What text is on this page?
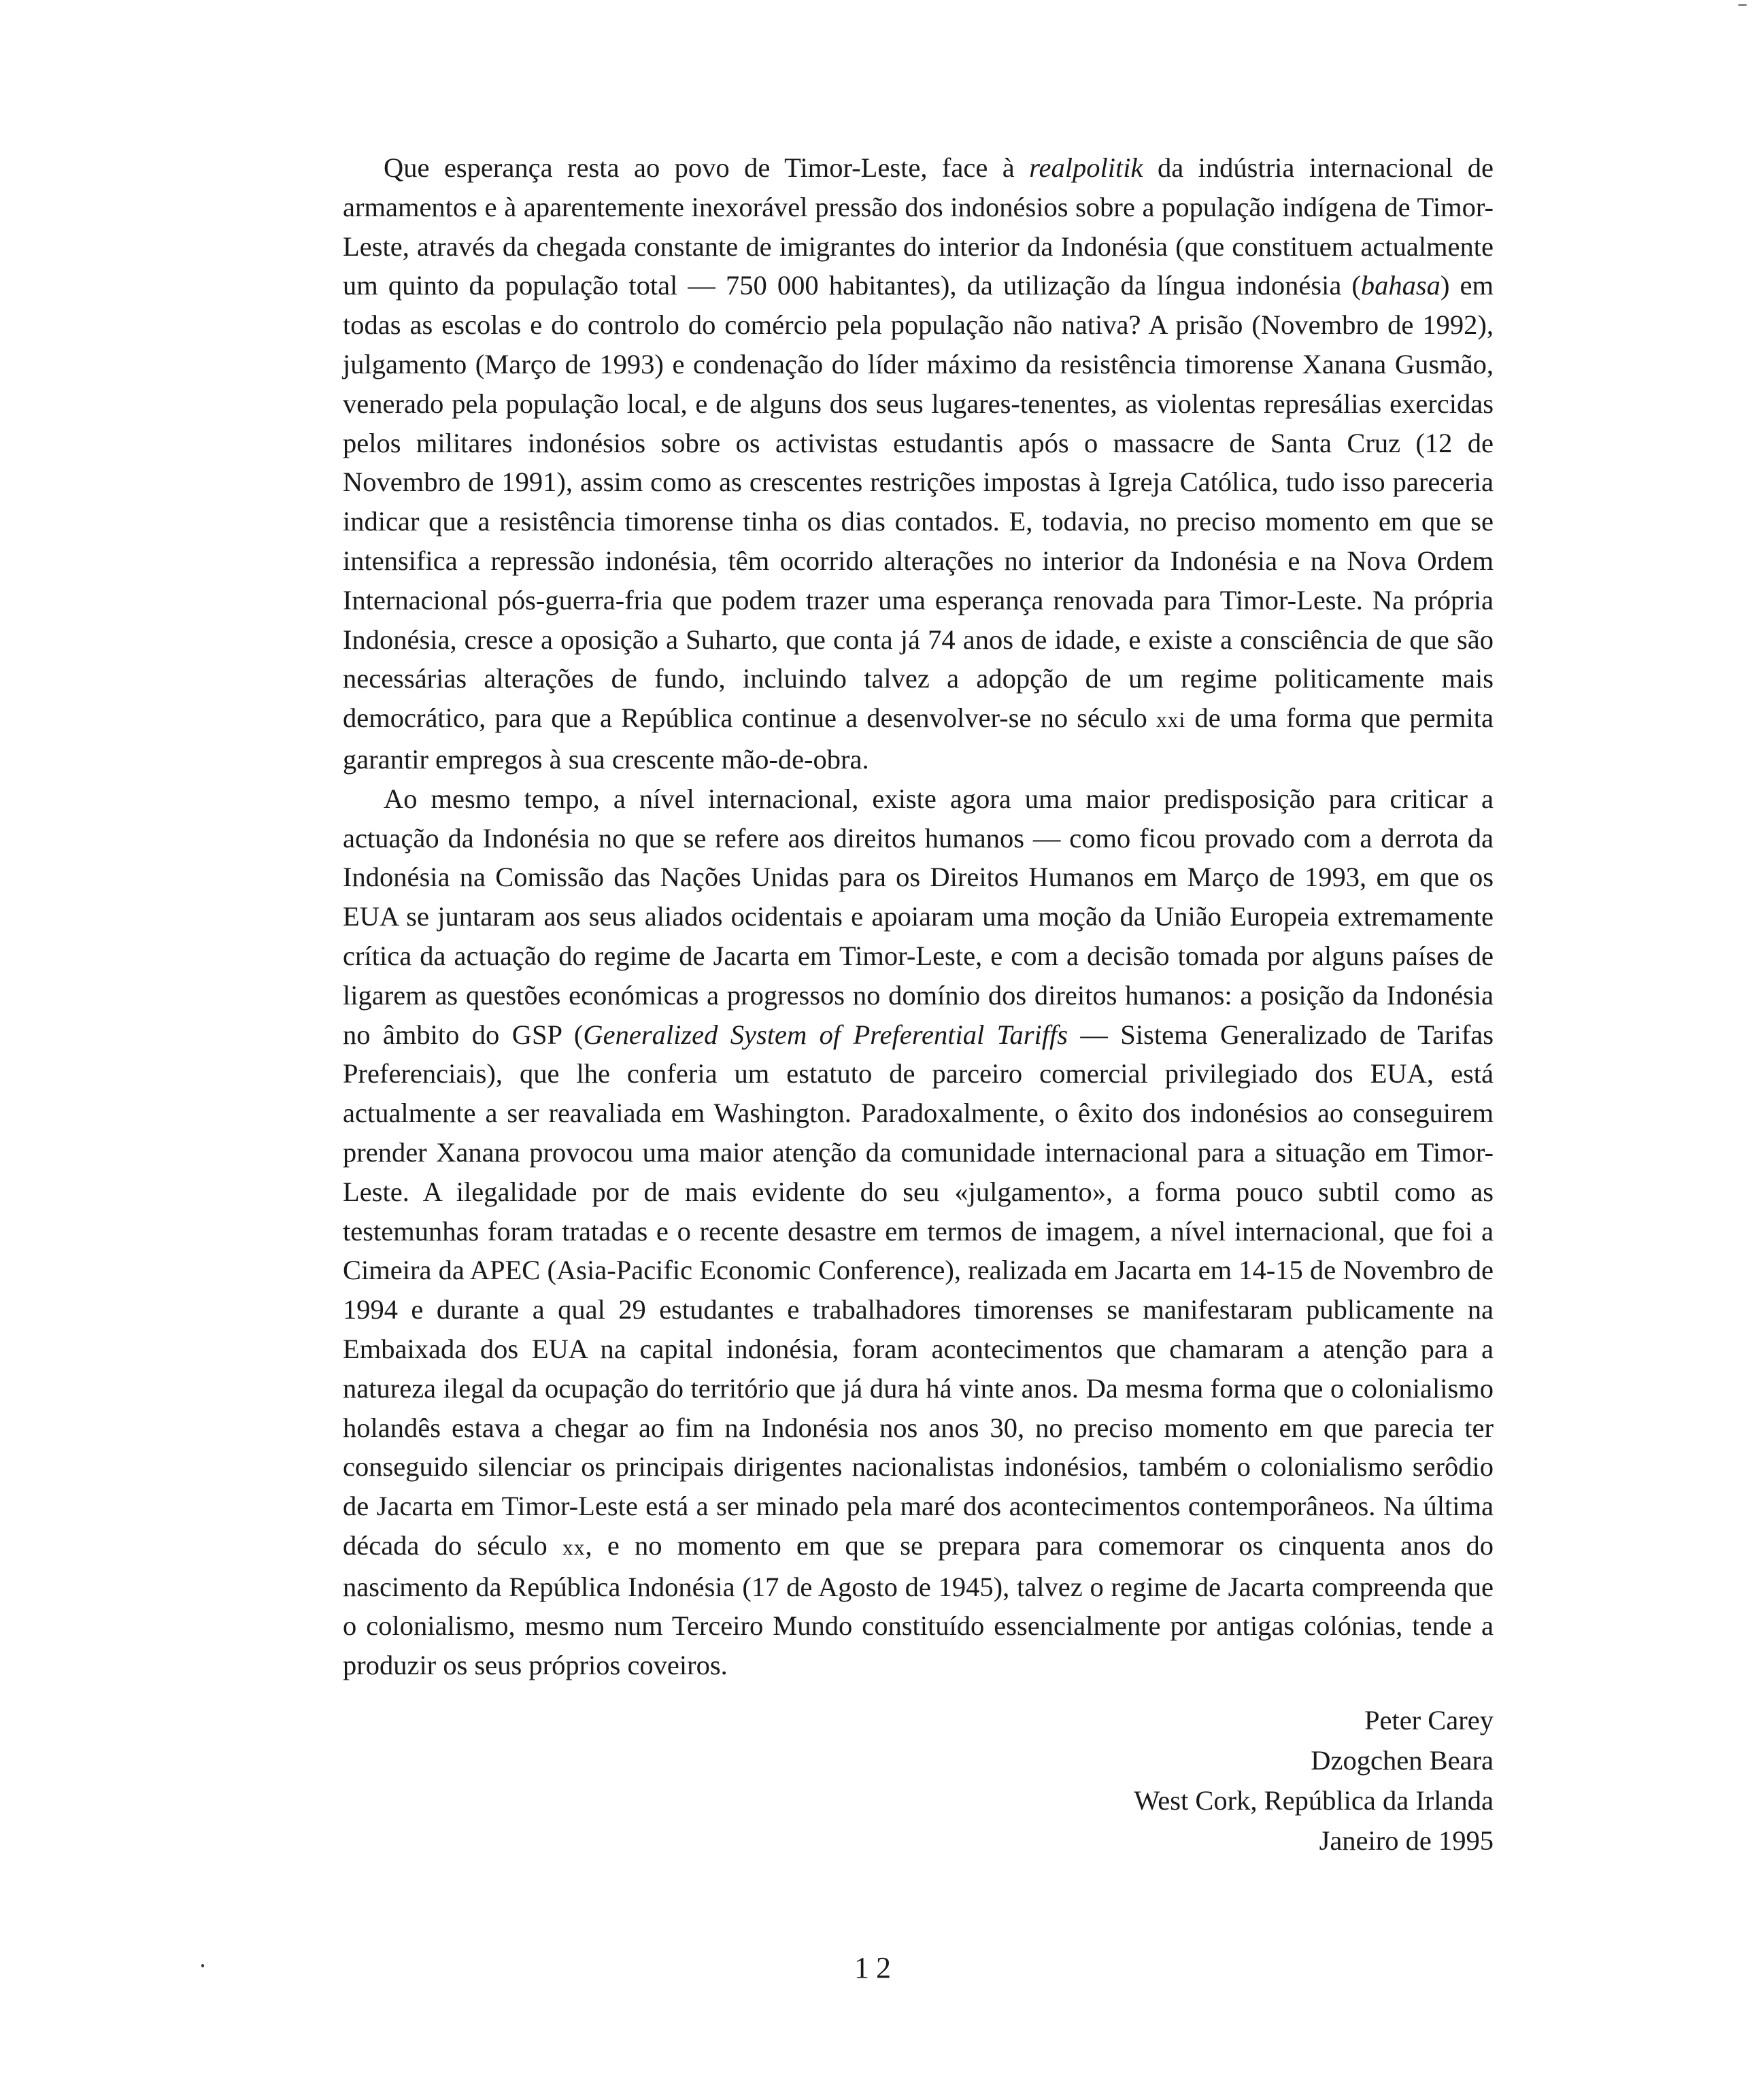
Que esperança resta ao povo de Timor-Leste, face à realpolitik da indústria internacional de armamentos e à aparentemente inexorável pressão dos indonésios sobre a população indígena de Timor-Leste, através da chegada constante de imigrantes do interior da Indonésia (que constituem actualmente um quinto da população total — 750 000 habitantes), da utilização da língua indonésia (bahasa) em todas as escolas e do controlo do comércio pela população não nativa? A prisão (Novembro de 1992), julgamento (Março de 1993) e condenação do líder máximo da resistência timorense Xanana Gusmão, venerado pela população local, e de alguns dos seus lugares-tenentes, as violentas represálias exercidas pelos militares indonésios sobre os activistas estudantis após o massacre de Santa Cruz (12 de Novembro de 1991), assim como as crescentes restrições impostas à Igreja Católica, tudo isso pareceria indicar que a resistência timorense tinha os dias contados. E, todavia, no preciso momento em que se intensifica a repressão indonésia, têm ocorrido alterações no interior da Indonésia e na Nova Ordem Internacional pós-guerra-fria que podem trazer uma esperança renovada para Timor-Leste. Na própria Indonésia, cresce a oposição a Suharto, que conta já 74 anos de idade, e existe a consciência de que são necessárias alterações de fundo, incluindo talvez a adopção de um regime politicamente mais democrático, para que a República continue a desenvolver-se no século xxi de uma forma que permita garantir empregos à sua crescente mão-de-obra.

Ao mesmo tempo, a nível internacional, existe agora uma maior predisposição para criticar a actuação da Indonésia no que se refere aos direitos humanos — como ficou provado com a derrota da Indonésia na Comissão das Nações Unidas para os Direitos Humanos em Março de 1993, em que os EUA se juntaram aos seus aliados ocidentais e apoiaram uma moção da União Europeia extremamente crítica da actuação do regime de Jacarta em Timor-Leste, e com a decisão tomada por alguns países de ligarem as questões económicas a progressos no domínio dos direitos humanos: a posição da Indonésia no âmbito do GSP (Generalized System of Preferential Tariffs — Sistema Generalizado de Tarifas Preferenciais), que lhe conferia um estatuto de parceiro comercial privilegiado dos EUA, está actualmente a ser reavaliada em Washington. Paradoxalmente, o êxito dos indonésios ao conseguirem prender Xanana provocou uma maior atenção da comunidade internacional para a situação em Timor-Leste. A ilegalidade por de mais evidente do seu «julgamento», a forma pouco subtil como as testemunhas foram tratadas e o recente desastre em termos de imagem, a nível internacional, que foi a Cimeira da APEC (Asia-Pacific Economic Conference), realizada em Jacarta em 14-15 de Novembro de 1994 e durante a qual 29 estudantes e trabalhadores timorenses se manifestaram publicamente na Embaixada dos EUA na capital indonésia, foram acontecimentos que chamaram a atenção para a natureza ilegal da ocupação do território que já dura há vinte anos. Da mesma forma que o colonialismo holandês estava a chegar ao fim na Indonésia nos anos 30, no preciso momento em que parecia ter conseguido silenciar os principais dirigentes nacionalistas indonésios, também o colonialismo serôdio de Jacarta em Timor-Leste está a ser minado pela maré dos acontecimentos contemporâneos. Na última década do século xx, e no momento em que se prepara para comemorar os cinquenta anos do nascimento da República Indonésia (17 de Agosto de 1945), talvez o regime de Jacarta compreenda que o colonialismo, mesmo num Terceiro Mundo constituído essencialmente por antigas colónias, tende a produzir os seus próprios coveiros.

Peter Carey
Dzogchen Beara
West Cork, República da Irlanda
Janeiro de 1995
12
